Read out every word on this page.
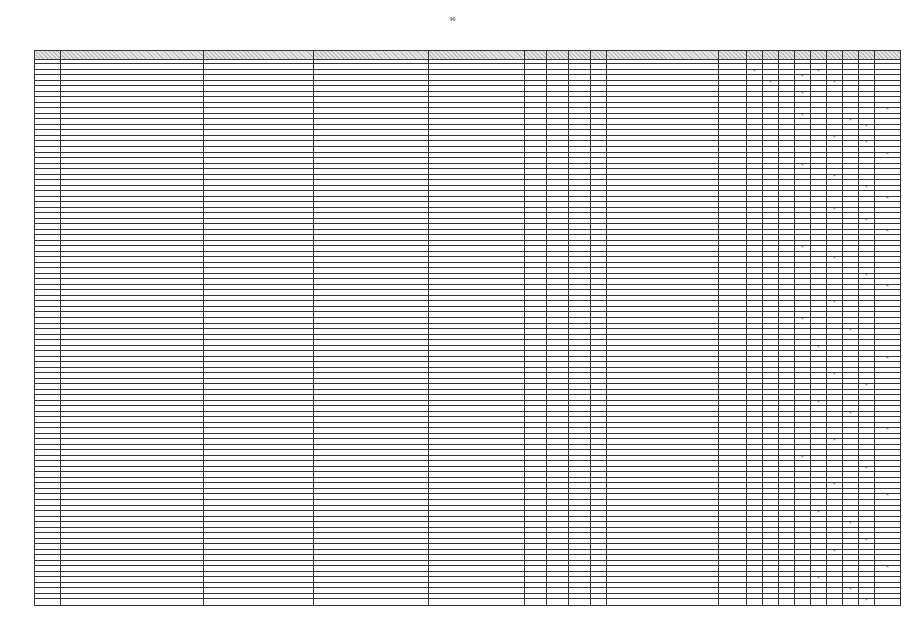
96

											×				×				
														×					
												×				×			

														×					

																			×
														×					
																	×		
																		×	

																×			
																		×	

																			×

														×					

																×			

																		×	

																			×

																×			

																		×	

																			×

														×					

																×			

																		×	

																			×

																×			

														×					

																	×		

															×				

																			×

																×			

																		×	

															×				

																	×		

																			×

																×			

														×					

																		×	

																×			

																			×

															×				

																	×		

																		×	

																×			

																			×

															×				

																	×		

																		×	
